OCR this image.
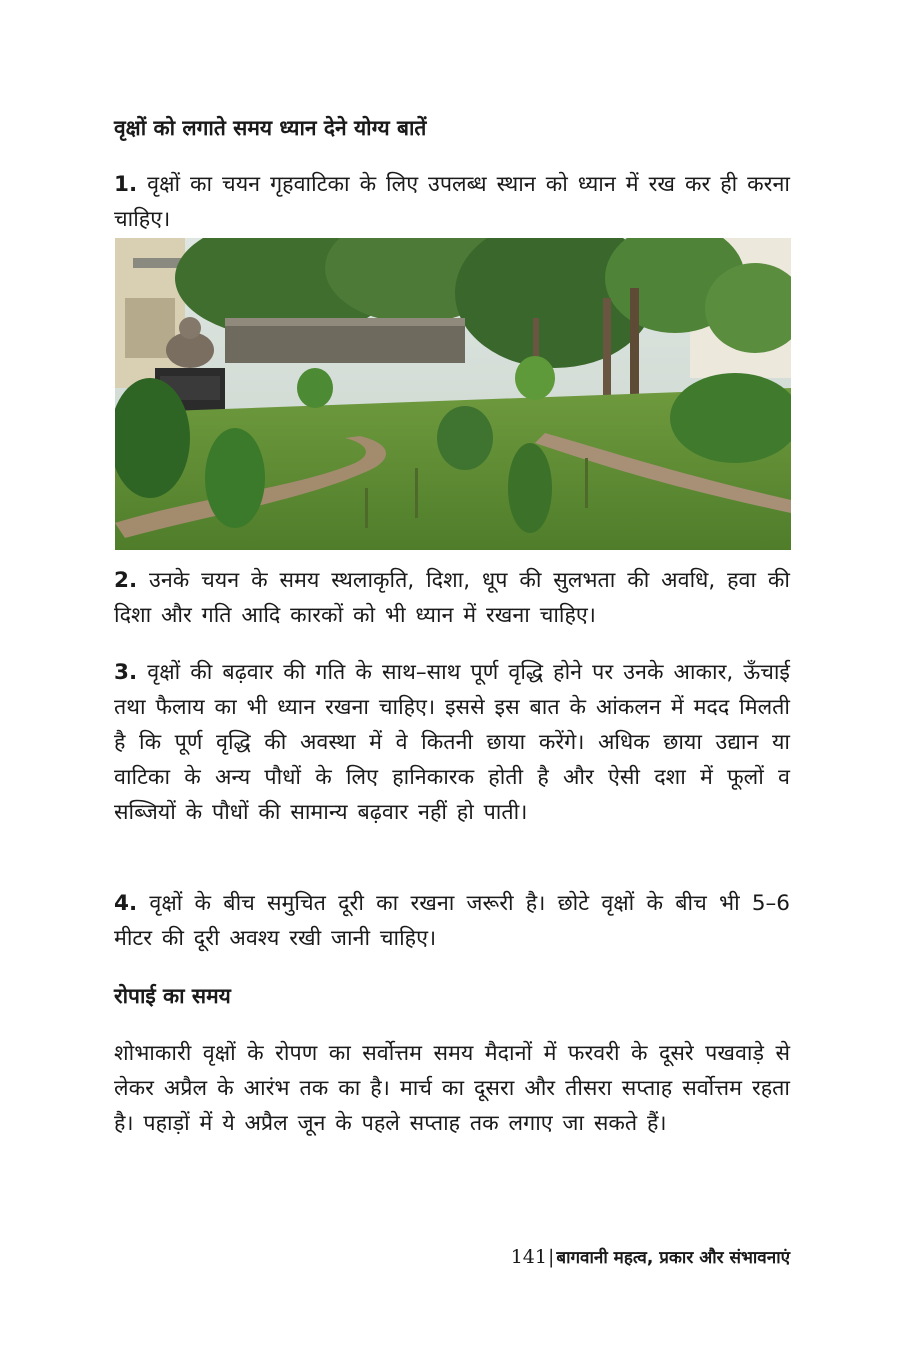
वृक्षों को लगाते समय ध्यान देने योग्य बातें

1. वृक्षों का चयन गृहवाटिका के लिए उपलब्ध स्थान को ध्यान में रख कर ही करना चाहिए।

2. उनके चयन के समय स्थलाकृति, दिशा, धूप की सुलभता की अवधि, हवा की दिशा और गति आदि कारकों को भी ध्यान में रखना चाहिए।

3. वृक्षों की बढ़वार की गति के साथ–साथ पूर्ण वृद्धि होने पर उनके आकार, ऊँचाई तथा फैलाय का भी ध्यान रखना चाहिए। इससे इस बात के आंकलन में मदद मिलती है कि पूर्ण वृद्धि की अवस्था में वे कितनी छाया करेंगे। अधिक छाया उद्यान या वाटिका के अन्य पौधों के लिए हानिकारक होती है और ऐसी दशा में फूलों व सब्जियों के पौधों की सामान्य बढ़वार नहीं हो पाती।

4. वृक्षों के बीच समुचित दूरी का रखना जरूरी है। छोटे वृक्षों के बीच भी 5–6 मीटर की दूरी अवश्य रखी जानी चाहिए।

रोपाई का समय

शोभाकारी वृक्षों के रोपण का सर्वोत्तम समय मैदानों में फरवरी के दूसरे पखवाड़े से लेकर अप्रैल के आरंभ तक का है। मार्च का दूसरा और तीसरा सप्ताह सर्वोत्तम रहता है। पहाड़ों में ये अप्रैल जून के पहले सप्ताह तक लगाए जा सकते हैं।

141| बागवानी महत्व, प्रकार और संभावनाएं
